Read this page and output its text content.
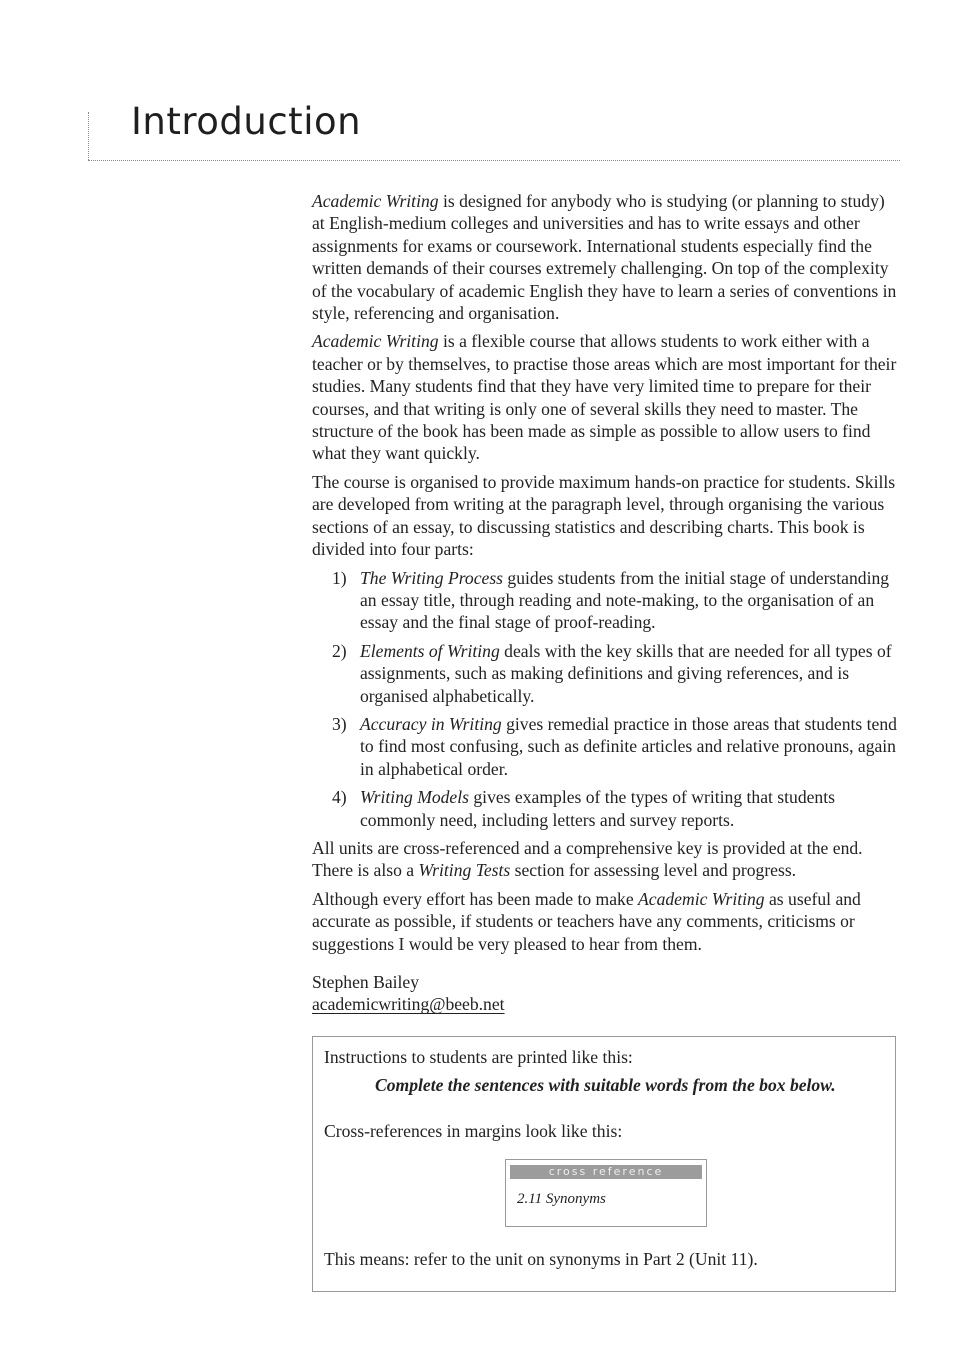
Introduction

Academic Writing is designed for anybody who is studying (or planning to study) at English-medium colleges and universities and has to write essays and other assignments for exams or coursework. International students especially find the written demands of their courses extremely challenging. On top of the complexity of the vocabulary of academic English they have to learn a series of conventions in style, referencing and organisation.

Academic Writing is a flexible course that allows students to work either with a teacher or by themselves, to practise those areas which are most important for their studies. Many students find that they have very limited time to prepare for their courses, and that writing is only one of several skills they need to master. The structure of the book has been made as simple as possible to allow users to find what they want quickly.

The course is organised to provide maximum hands-on practice for students. Skills are developed from writing at the paragraph level, through organising the various sections of an essay, to discussing statistics and describing charts. This book is divided into four parts:

1) The Writing Process guides students from the initial stage of understanding an essay title, through reading and note-making, to the organisation of an essay and the final stage of proof-reading.
2) Elements of Writing deals with the key skills that are needed for all types of assignments, such as making definitions and giving references, and is organised alphabetically.
3) Accuracy in Writing gives remedial practice in those areas that students tend to find most confusing, such as definite articles and relative pronouns, again in alphabetical order.
4) Writing Models gives examples of the types of writing that students commonly need, including letters and survey reports.

All units are cross-referenced and a comprehensive key is provided at the end. There is also a Writing Tests section for assessing level and progress.

Although every effort has been made to make Academic Writing as useful and accurate as possible, if students or teachers have any comments, criticisms or suggestions I would be very pleased to hear from them.

Stephen Bailey
academicwriting@beeb.net
Instructions to students are printed like this:
Complete the sentences with suitable words from the box below.
Cross-references in margins look like this:
cross reference
2.11 Synonyms
This means: refer to the unit on synonyms in Part 2 (Unit 11).
